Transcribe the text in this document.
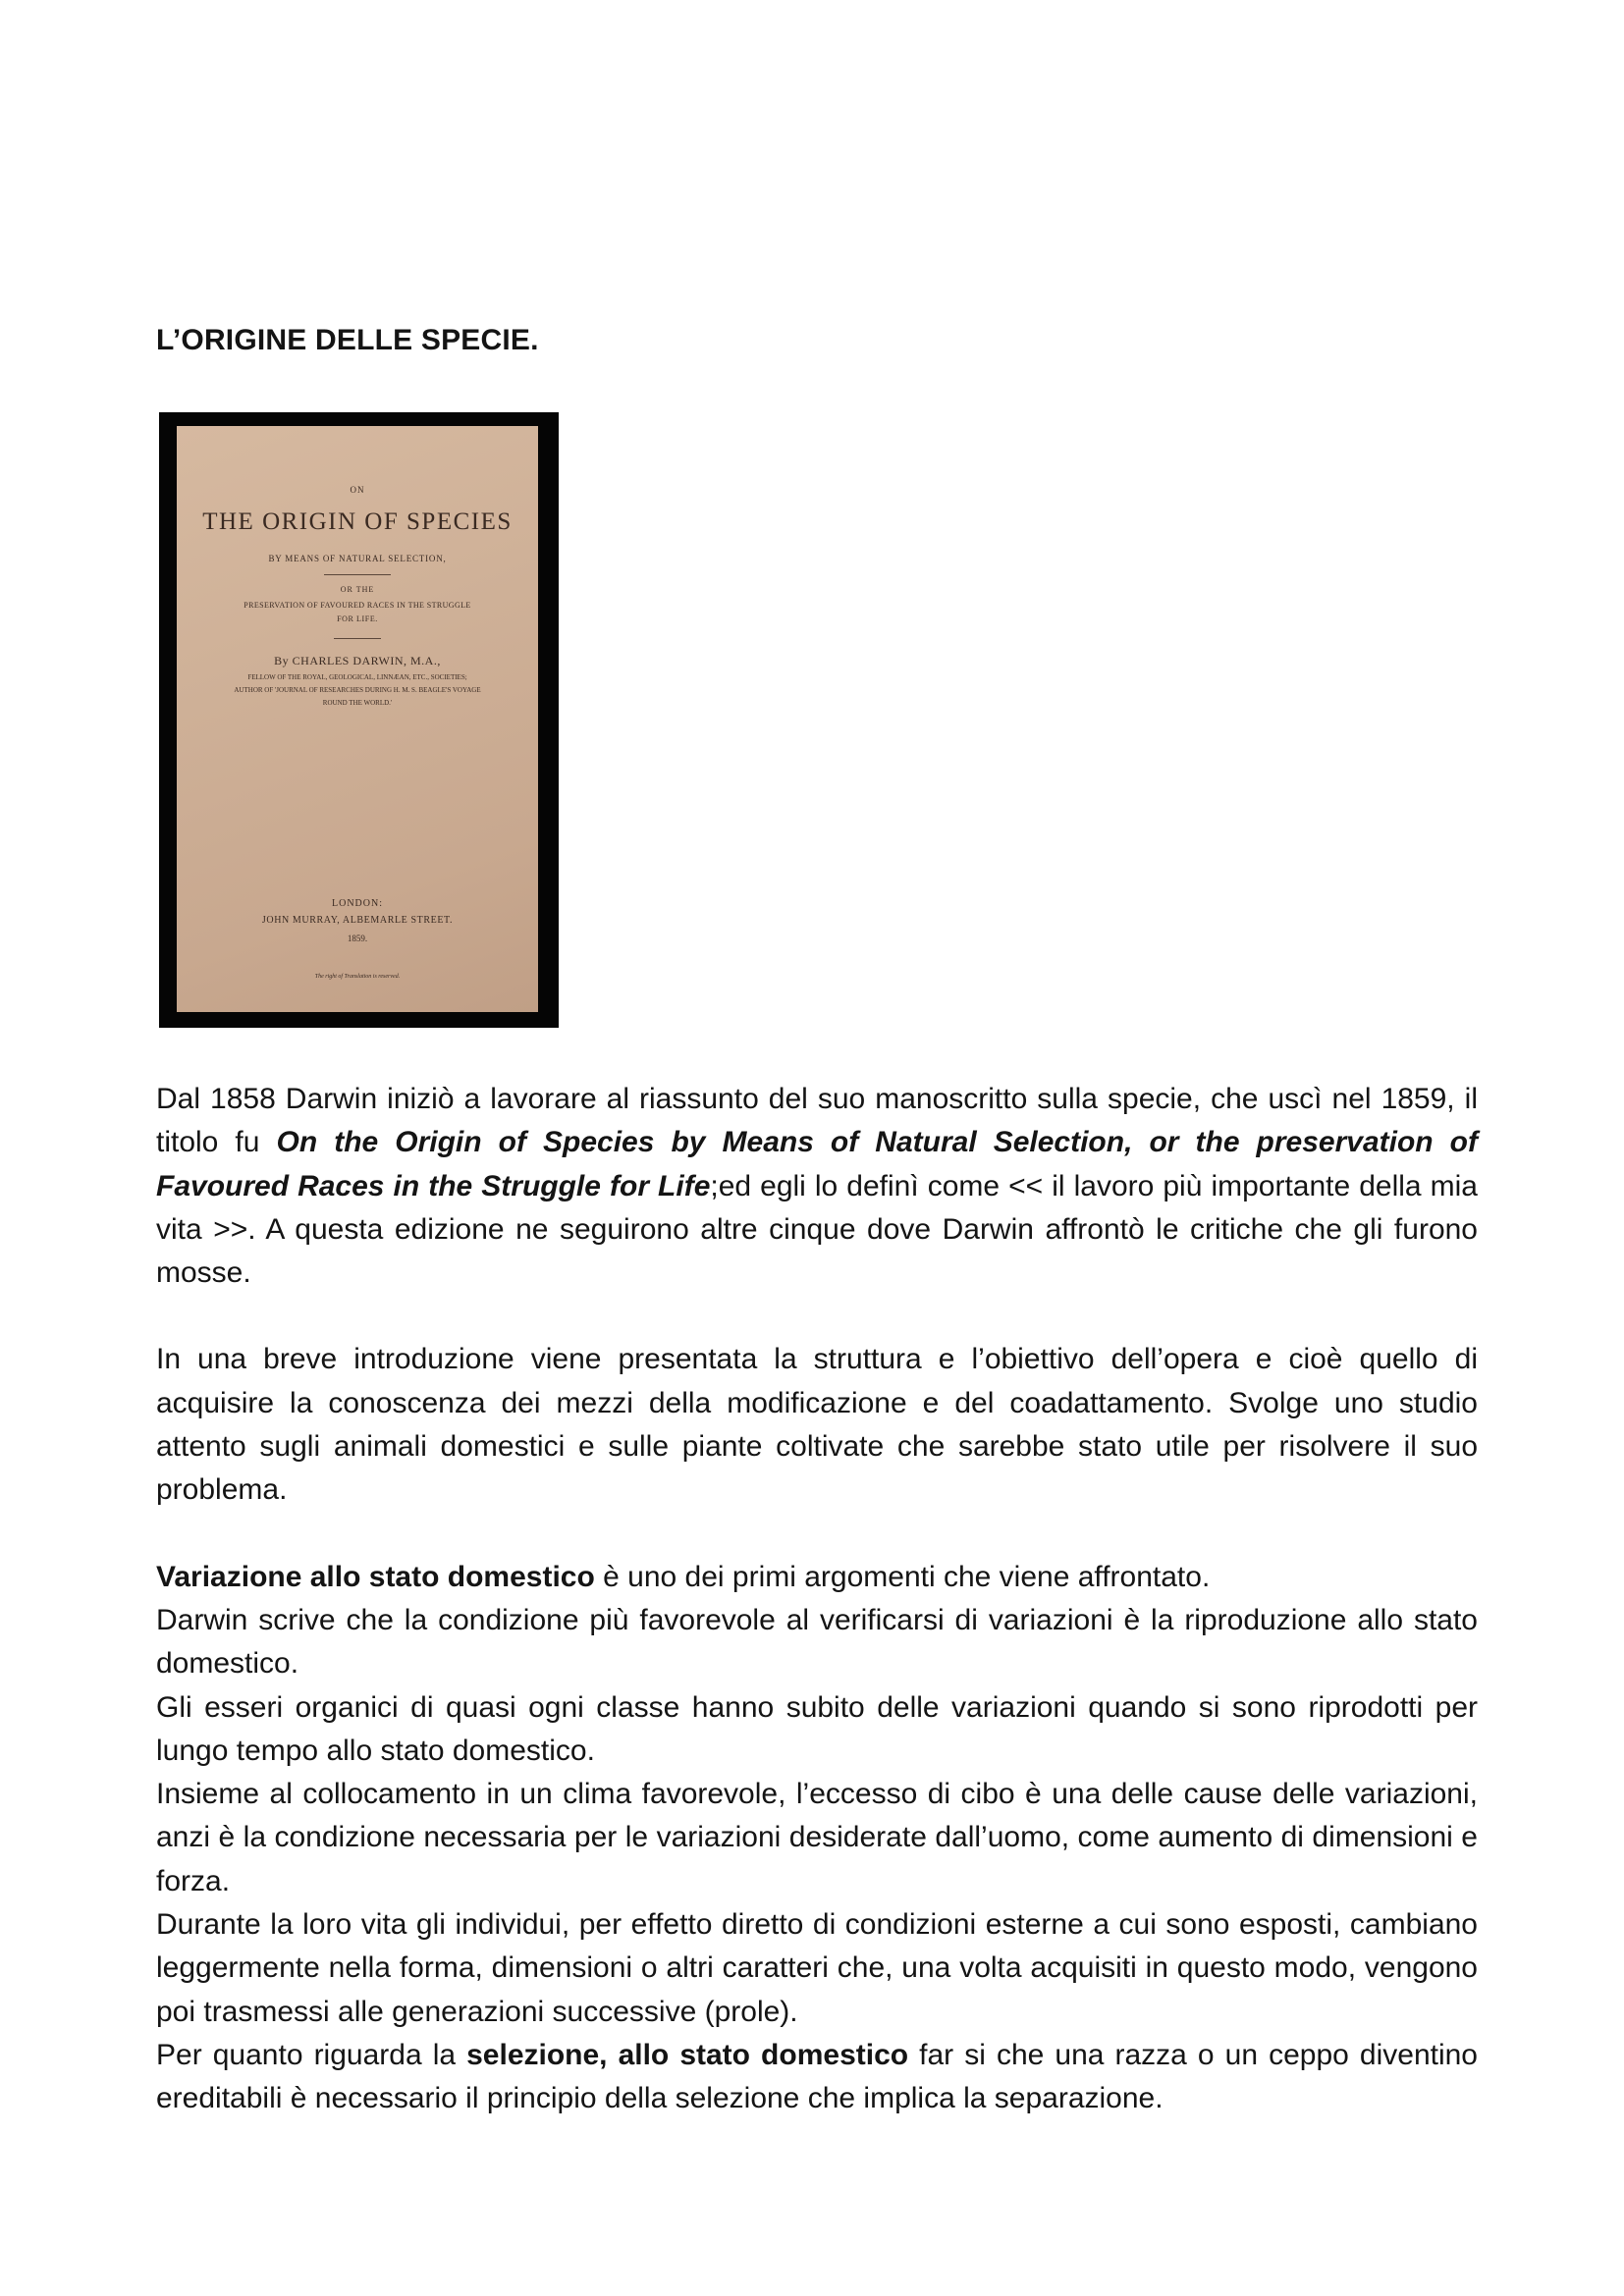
L’ORIGINE DELLE SPECIE.
ON
THE ORIGIN OF SPECIES
BY MEANS OF NATURAL SELECTION,
OR THE
PRESERVATION OF FAVOURED RACES IN THE STRUGGLE
FOR LIFE.
By CHARLES DARWIN, M.A.,
FELLOW OF THE ROYAL, GEOLOGICAL, LINNÆAN, ETC., SOCIETIES;
AUTHOR OF 'JOURNAL OF RESEARCHES DURING H. M. S. BEAGLE'S VOYAGE
ROUND THE WORLD.'
LONDON:
JOHN MURRAY, ALBEMARLE STREET.
1859.
The right of Translation is reserved.

Dal 1858 Darwin iniziò a lavorare al riassunto del suo manoscritto sulla specie, che uscì nel 1859, il titolo fu On the Origin of Species by Means of Natural Selection, or the preservation of Favoured Races in the Struggle for Life;ed egli lo definì come << il lavoro più importante della mia vita >>. A questa edizione ne seguirono altre cinque dove Darwin affrontò le critiche che gli furono mosse.

In una breve introduzione viene presentata la struttura e l’obiettivo dell’opera e cioè quello di acquisire la conoscenza dei mezzi della modificazione e del coadattamento. Svolge uno studio attento sugli animali domestici e sulle piante coltivate che sarebbe stato utile per risolvere il suo problema.

Variazione allo stato domestico è uno dei primi argomenti che viene affrontato.
Darwin scrive che la condizione più favorevole al verificarsi di variazioni è la riproduzione allo stato domestico.
Gli esseri organici di quasi ogni classe hanno subito delle variazioni quando si sono riprodotti per lungo tempo allo stato domestico.
Insieme al collocamento in un clima favorevole, l’eccesso di cibo è una delle cause delle variazioni, anzi è la condizione necessaria per le variazioni desiderate dall’uomo, come aumento di dimensioni e forza.
Durante la loro vita gli individui, per effetto diretto di condizioni esterne a cui sono esposti, cambiano leggermente nella forma, dimensioni o altri caratteri che, una volta acquisiti in questo modo, vengono poi trasmessi alle generazioni successive (prole).
Per quanto riguarda la selezione, allo stato domestico far si che una razza o un ceppo diventino ereditabili è necessario il principio della selezione che implica la separazione.
